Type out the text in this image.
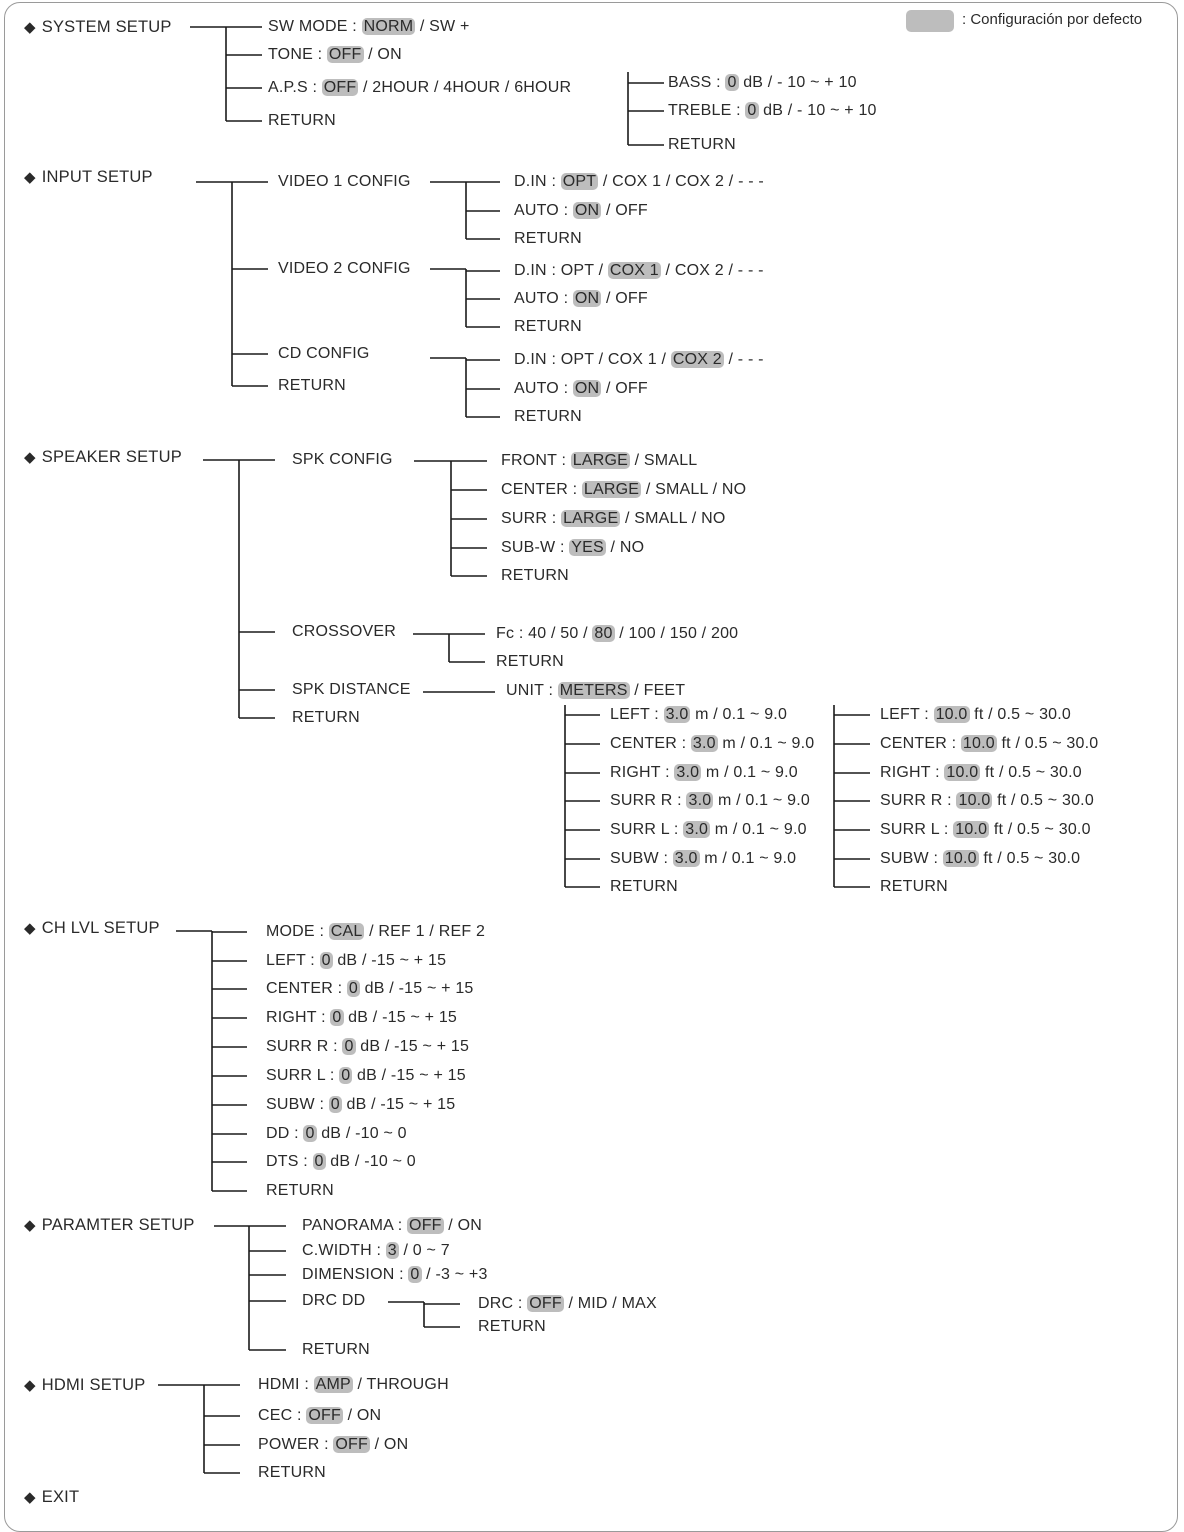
: Configuración por defecto
◆ SYSTEM SETUP	SW MODE : NORM / SW +
TONE : OFF / ON
A.P.S : OFF / 2HOUR / 4HOUR / 6HOUR
RETURN
BASS : 0 dB / - 10 ~ + 10
TREBLE : 0 dB / - 10 ~ + 10
RETURN
◆ INPUT SETUP	VIDEO 1 CONFIG
VIDEO 2 CONFIG
CD CONFIG
RETURN
D.IN : OPT / COX 1 / COX 2 / - - -
AUTO : ON / OFF
RETURN
D.IN : OPT / COX 1 / COX 2 / - - -
AUTO : ON / OFF
RETURN
D.IN : OPT / COX 1 / COX 2 / - - -
AUTO : ON / OFF
RETURN
◆ SPEAKER SETUP	SPK CONFIG
CROSSOVER
SPK DISTANCE
RETURN
FRONT : LARGE / SMALL
CENTER : LARGE / SMALL / NO
SURR : LARGE / SMALL / NO
SUB-W : YES / NO
RETURN
Fc : 40 / 50 / 80 / 100 / 150 / 200
RETURN
UNIT : METERS / FEET
LEFT : 3.0 m / 0.1 ~ 9.0
CENTER : 3.0 m / 0.1 ~ 9.0
RIGHT : 3.0 m / 0.1 ~ 9.0
SURR R : 3.0 m / 0.1 ~ 9.0
SURR L : 3.0 m / 0.1 ~ 9.0
SUBW : 3.0 m / 0.1 ~ 9.0
RETURN
LEFT : 10.0 ft / 0.5 ~ 30.0
CENTER : 10.0 ft / 0.5 ~ 30.0
RIGHT : 10.0 ft / 0.5 ~ 30.0
SURR R : 10.0 ft / 0.5 ~ 30.0
SURR L : 10.0 ft / 0.5 ~ 30.0
SUBW : 10.0 ft / 0.5 ~ 30.0
RETURN
◆ CH LVL SETUP	MODE : CAL / REF 1 / REF 2
LEFT : 0 dB / -15 ~ + 15
CENTER : 0 dB / -15 ~ + 15
RIGHT : 0 dB / -15 ~ + 15
SURR R : 0 dB / -15 ~ + 15
SURR L : 0 dB / -15 ~ + 15
SUBW : 0 dB / -15 ~ + 15
DD : 0 dB / -10 ~ 0
DTS : 0 dB / -10 ~ 0
RETURN
◆ PARAMTER SETUP	PANORAMA : OFF / ON
C.WIDTH : 3 / 0 ~ 7
DIMENSION : 0 / -3 ~ +3
DRC DD
RETURN
DRC : OFF / MID / MAX
RETURN
◆ HDMI SETUP	HDMI : AMP / THROUGH
CEC : OFF / ON
POWER : OFF / ON
RETURN
◆ EXIT
